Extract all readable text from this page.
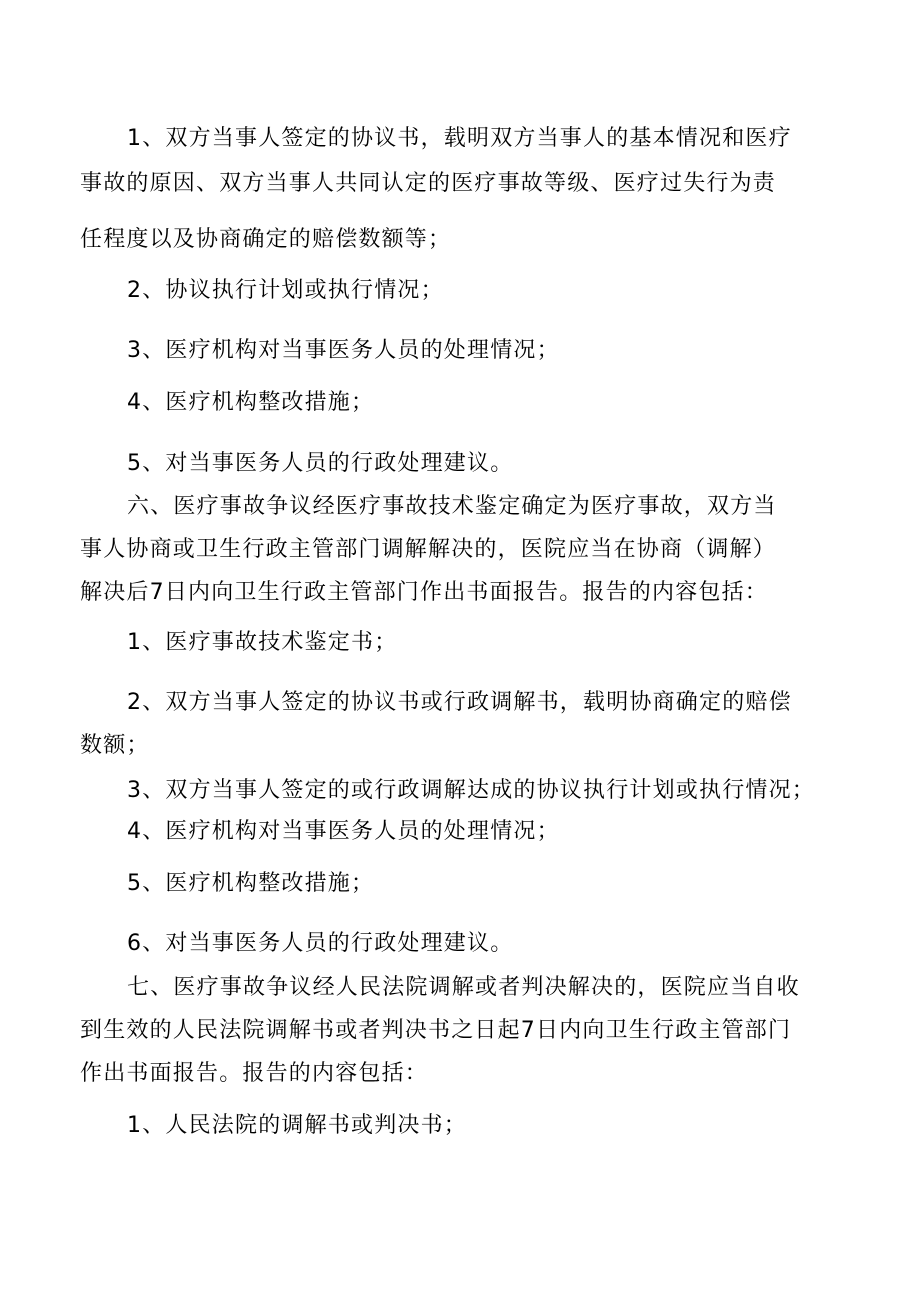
1、双方当事人签定的协议书，载明双方当事人的基本情况和医疗
事故的原因、双方当事人共同认定的医疗事故等级、医疗过失行为责
任程度以及协商确定的赔偿数额等；
2、协议执行计划或执行情况；
3、医疗机构对当事医务人员的处理情况；
4、医疗机构整改措施；
5、对当事医务人员的行政处理建议。
六、医疗事故争议经医疗事故技术鉴定确定为医疗事故，双方当
事人协商或卫生行政主管部门调解解决的，医院应当在协商（调解）
解决后7日内向卫生行政主管部门作出书面报告。报告的内容包括：
1、医疗事故技术鉴定书；
2、双方当事人签定的协议书或行政调解书，载明协商确定的赔偿
数额；
3、双方当事人签定的或行政调解达成的协议执行计划或执行情况；
4、医疗机构对当事医务人员的处理情况；
5、医疗机构整改措施；
6、对当事医务人员的行政处理建议。
七、医疗事故争议经人民法院调解或者判决解决的，医院应当自收
到生效的人民法院调解书或者判决书之日起7日内向卫生行政主管部门
作出书面报告。报告的内容包括：
1、人民法院的调解书或判决书；
